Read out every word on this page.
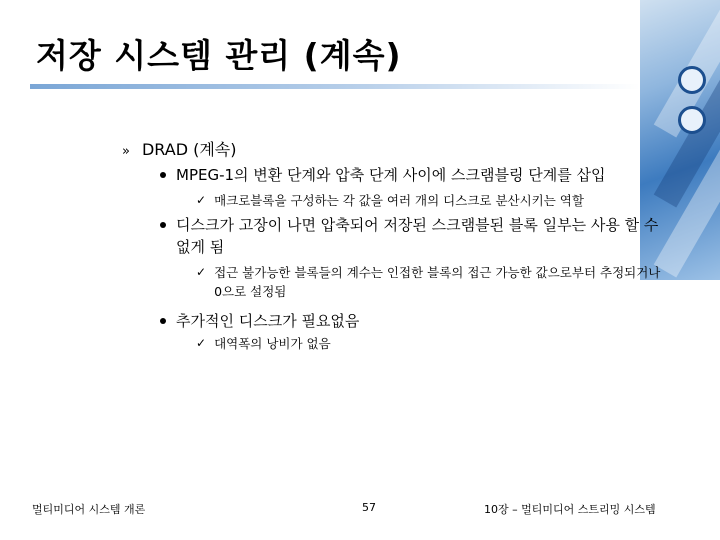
저장 시스템 관리 (계속)
» DRAD (계속)
MPEG-1의 변환 단계와 압축 단계 사이에 스크램블링 단계를 삽입
✓ 매크로블록을 구성하는 각 값을 여러 개의 디스크로 분산시키는 역할
디스크가 고장이 나면 압축되어 저장된 스크램블된 블록 일부는 사용 할 수 없게 됨
✓ 접근 불가능한 블록들의 계수는 인접한 블록의 접근 가능한 값으로부터 추정되거나 0으로 설정됨
추가적인 디스크가 필요없음
✓ 대역폭의 낭비가 없음
멀티미디어 시스템 개론	57	10장 – 멀티미디어 스트리밍 시스템
